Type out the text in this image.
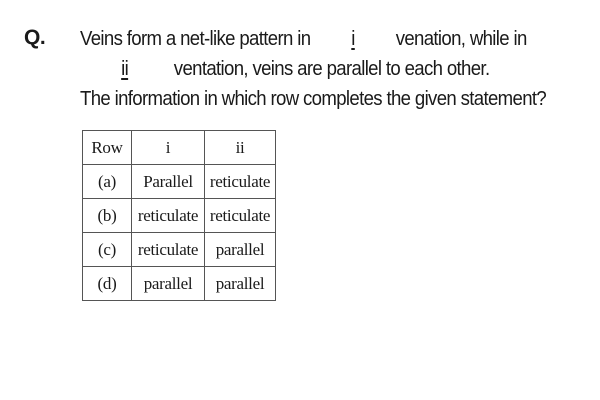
Q. Veins form a net-like pattern in i venation, while in
ii ventation, veins are parallel to each other.
The information in which row completes the given statement?
Row	i	ii
(a)	Parallel	reticulate
(b)	reticulate	reticulate
(c)	reticulate	parallel
(d)	parallel	parallel
